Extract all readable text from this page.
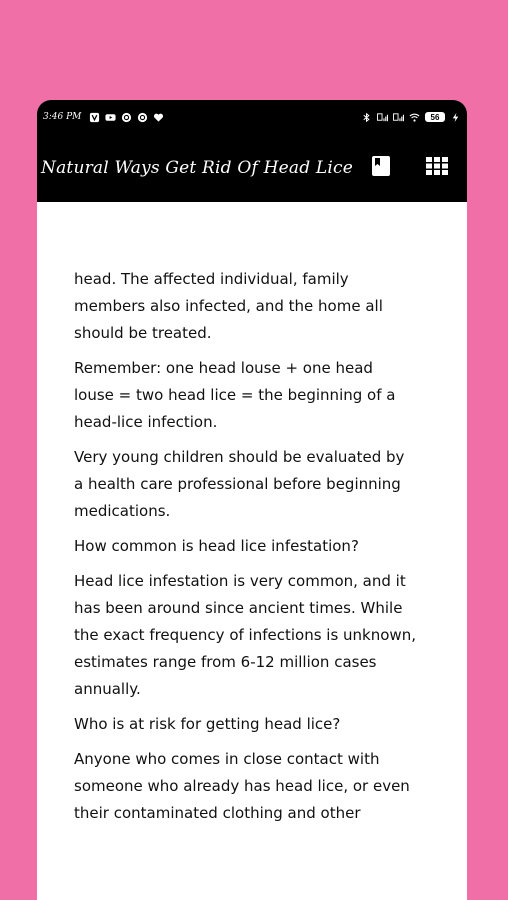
3:46 PM	56
Natural Ways Get Rid Of Head Lice

head. The affected individual, family members also infected, and the home all should be treated.

Remember: one head louse + one head louse = two head lice = the beginning of a head-lice infection.

Very young children should be evaluated by a health care professional before beginning medications.

How common is head lice infestation?

Head lice infestation is very common, and it has been around since ancient times. While the exact frequency of infections is unknown, estimates range from 6-12 million cases annually.

Who is at risk for getting head lice?

Anyone who comes in close contact with someone who already has head lice, or even their contaminated clothing and other
